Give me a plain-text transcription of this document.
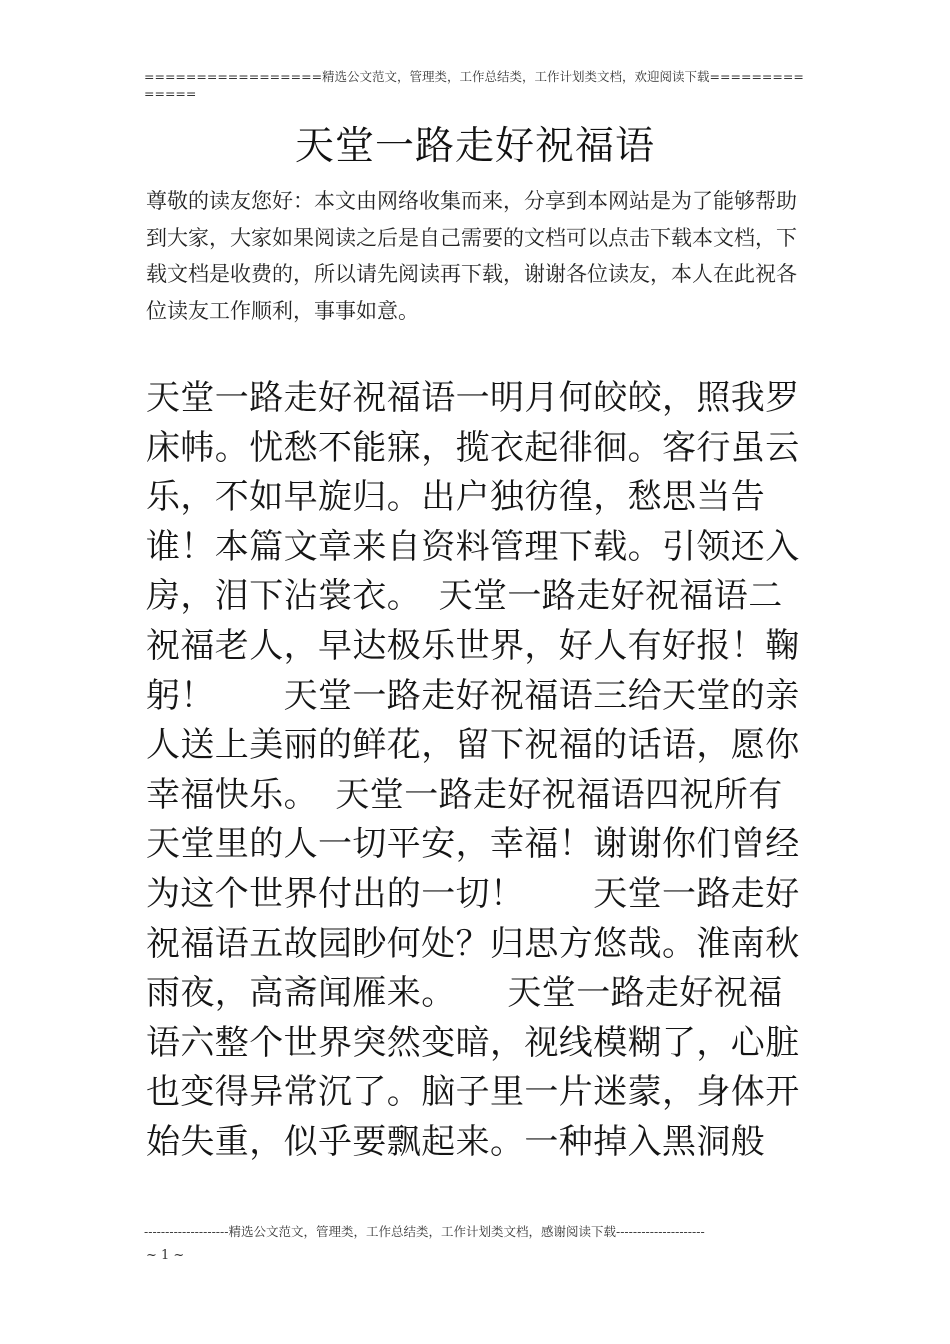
=================精选公文范文，管理类，工作总结类，工作计划类文档，欢迎阅读下载==============
天堂一路走好祝福语
尊敬的读友您好：本文由网络收集而来，分享到本网站是为了能够帮助到大家，大家如果阅读之后是自己需要的文档可以点击下载本文档，下载文档是收费的，所以请先阅读再下载，谢谢各位读友，本人在此祝各位读友工作顺利，事事如意。
天堂一路走好祝福语一明月何皎皎，照我罗床帏。忧愁不能寐，揽衣起徘徊。客行虽云乐，不如早旋归。出户独彷徨，愁思当告谁！本篇文章来自资料管理下载。引领还入房，泪下沾裳衣。　天堂一路走好祝福语二祝福老人，早达极乐世界，好人有好报！鞠躬！　　天堂一路走好祝福语三给天堂的亲人送上美丽的鲜花，留下祝福的话语，愿你幸福快乐。　天堂一路走好祝福语四祝所有天堂里的人一切平安，幸福！谢谢你们曾经为这个世界付出的一切！　　天堂一路走好祝福语五故园眇何处？归思方悠哉。淮南秋雨夜，高斋闻雁来。　　天堂一路走好祝福语六整个世界突然变暗，视线模糊了，心脏也变得异常沉了。脑子里一片迷蒙，身体开始失重，似乎要飘起来。一种掉入黑洞般
--------------------精选公文范文，管理类，工作总结类，工作计划类文档，感谢阅读下载---------------------
~ 1 ~
